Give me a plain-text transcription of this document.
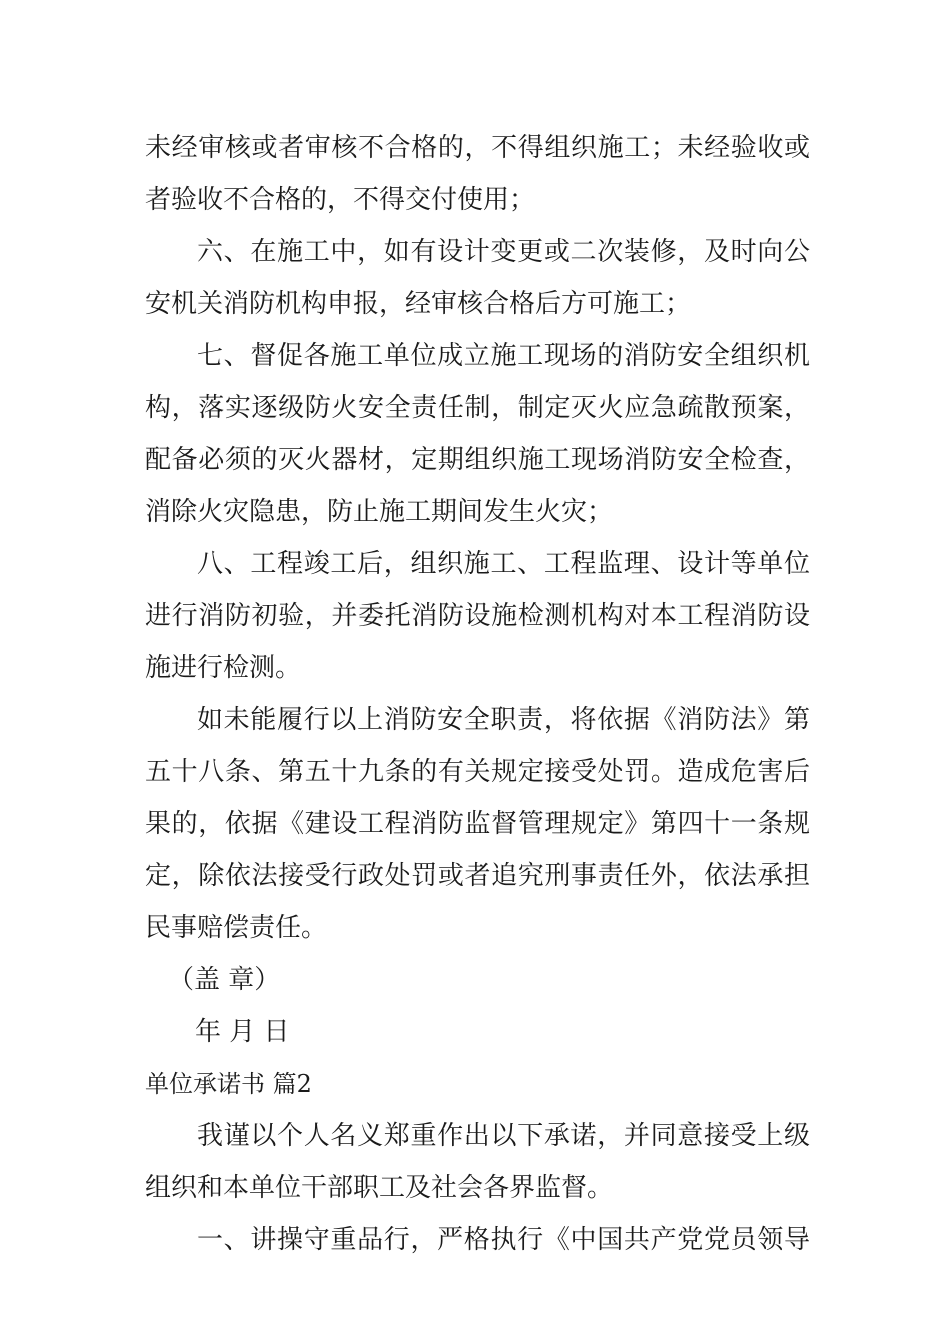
未经审核或者审核不合格的，不得组织施工；未经验收或
者验收不合格的，不得交付使用；
六、在施工中，如有设计变更或二次装修，及时向公
安机关消防机构申报，经审核合格后方可施工；
七、督促各施工单位成立施工现场的消防安全组织机
构，落实逐级防火安全责任制，制定灭火应急疏散预案，
配备必须的灭火器材，定期组织施工现场消防安全检查，
消除火灾隐患，防止施工期间发生火灾；
八、工程竣工后，组织施工、工程监理、设计等单位
进行消防初验，并委托消防设施检测机构对本工程消防设
施进行检测。
如未能履行以上消防安全职责，将依据《消防法》第
五十八条、第五十九条的有关规定接受处罚。造成危害后
果的，依据《建设工程消防监督管理规定》第四十一条规
定，除依法接受行政处罚或者追究刑事责任外，依法承担
民事赔偿责任。
（盖 章）
年 月 日
单位承诺书 篇2
我谨以个人名义郑重作出以下承诺，并同意接受上级
组织和本单位干部职工及社会各界监督。
一、讲操守重品行，严格执行《中国共产党党员领导
